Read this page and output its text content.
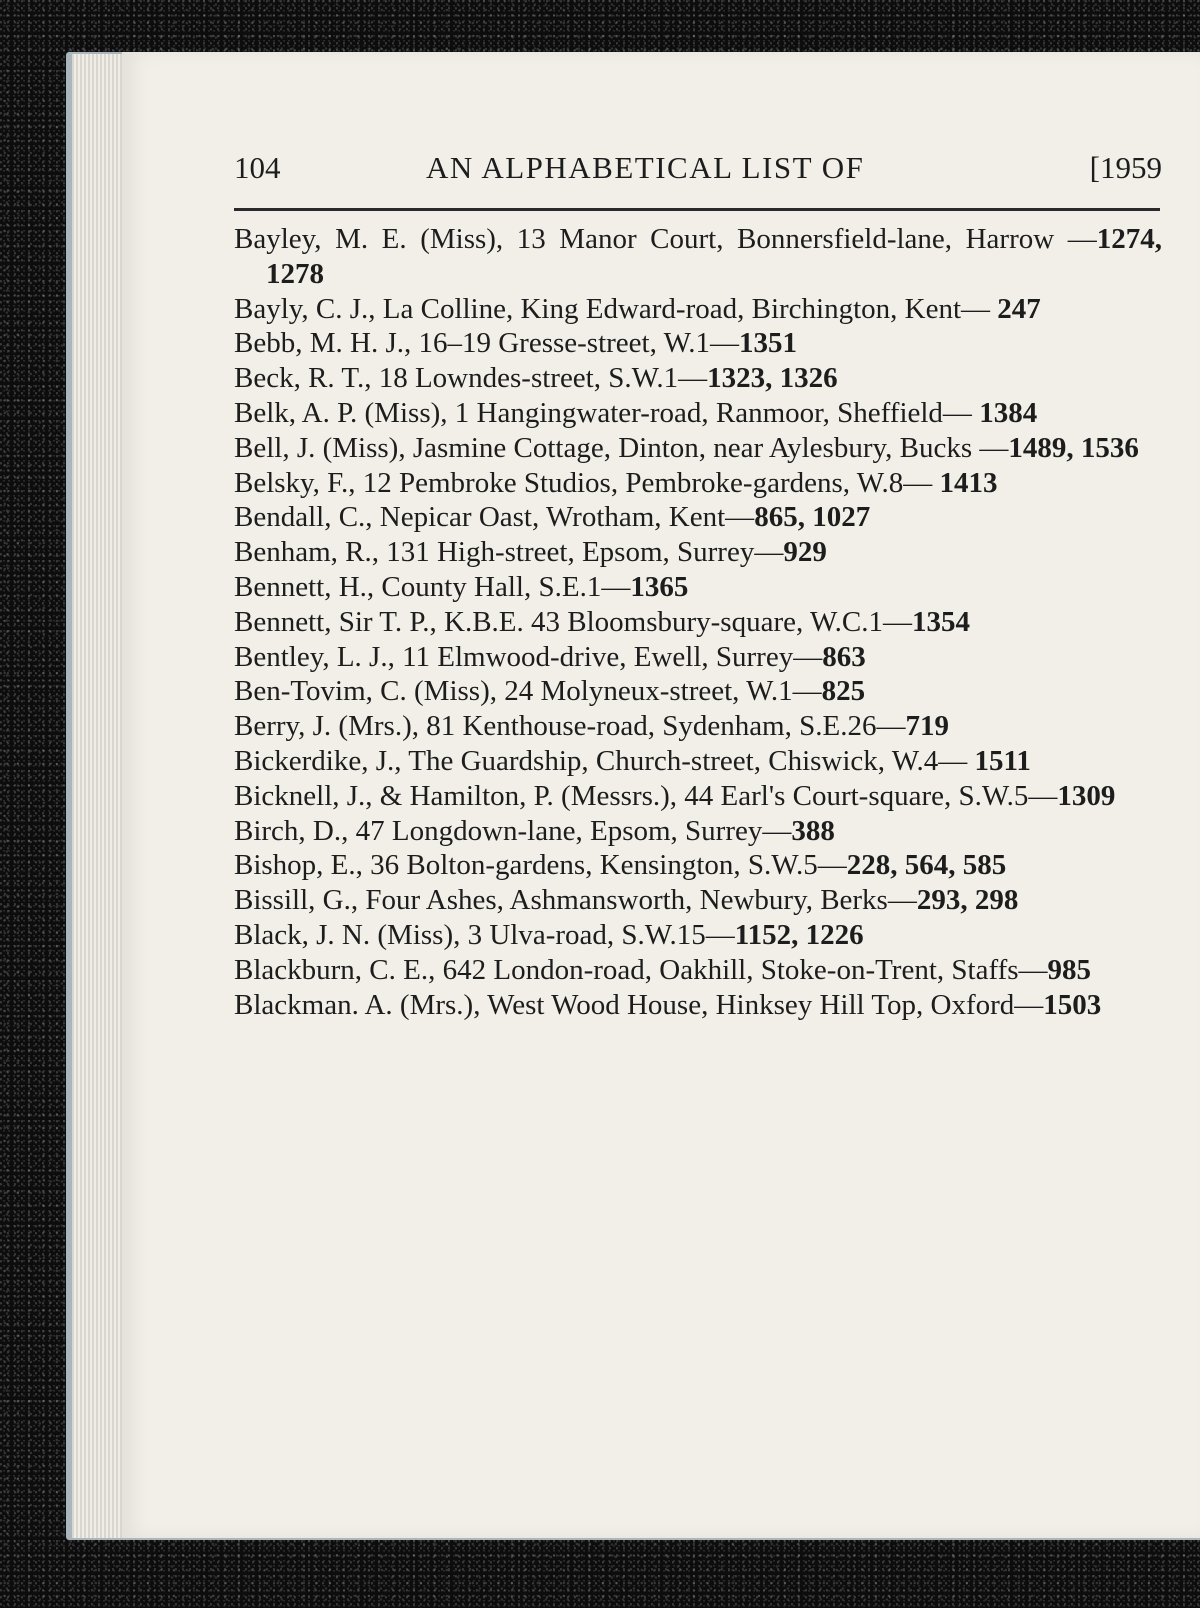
104	AN ALPHABETICAL LIST OF	[1959

Bayley, M. E. (Miss), 13 Manor Court, Bonnersfield-lane, Harrow —1274, 1278

Bayly, C. J., La Colline, King Edward-road, Birchington, Kent— 247

Bebb, M. H. J., 16–19 Gresse-street, W.1—1351

Beck, R. T., 18 Lowndes-street, S.W.1—1323, 1326

Belk, A. P. (Miss), 1 Hangingwater-road, Ranmoor, Sheffield— 1384

Bell, J. (Miss), Jasmine Cottage, Dinton, near Aylesbury, Bucks —1489, 1536

Belsky, F., 12 Pembroke Studios, Pembroke-gardens, W.8— 1413

Bendall, C., Nepicar Oast, Wrotham, Kent—865, 1027

Benham, R., 131 High-street, Epsom, Surrey—929

Bennett, H., County Hall, S.E.1—1365

Bennett, Sir T. P., K.B.E. 43 Bloomsbury-square, W.C.1—1354

Bentley, L. J., 11 Elmwood-drive, Ewell, Surrey—863

Ben-Tovim, C. (Miss), 24 Molyneux-street, W.1—825

Berry, J. (Mrs.), 81 Kenthouse-road, Sydenham, S.E.26—719

Bickerdike, J., The Guardship, Church-street, Chiswick, W.4— 1511

Bicknell, J., & Hamilton, P. (Messrs.), 44 Earl's Court-square, S.W.5—1309

Birch, D., 47 Longdown-lane, Epsom, Surrey—388

Bishop, E., 36 Bolton-gardens, Kensington, S.W.5—228, 564, 585

Bissill, G., Four Ashes, Ashmansworth, Newbury, Berks—293, 298

Black, J. N. (Miss), 3 Ulva-road, S.W.15—1152, 1226

Blackburn, C. E., 642 London-road, Oakhill, Stoke-on-Trent, Staffs—985

Blackman. A. (Mrs.), West Wood House, Hinksey Hill Top, Oxford—1503
